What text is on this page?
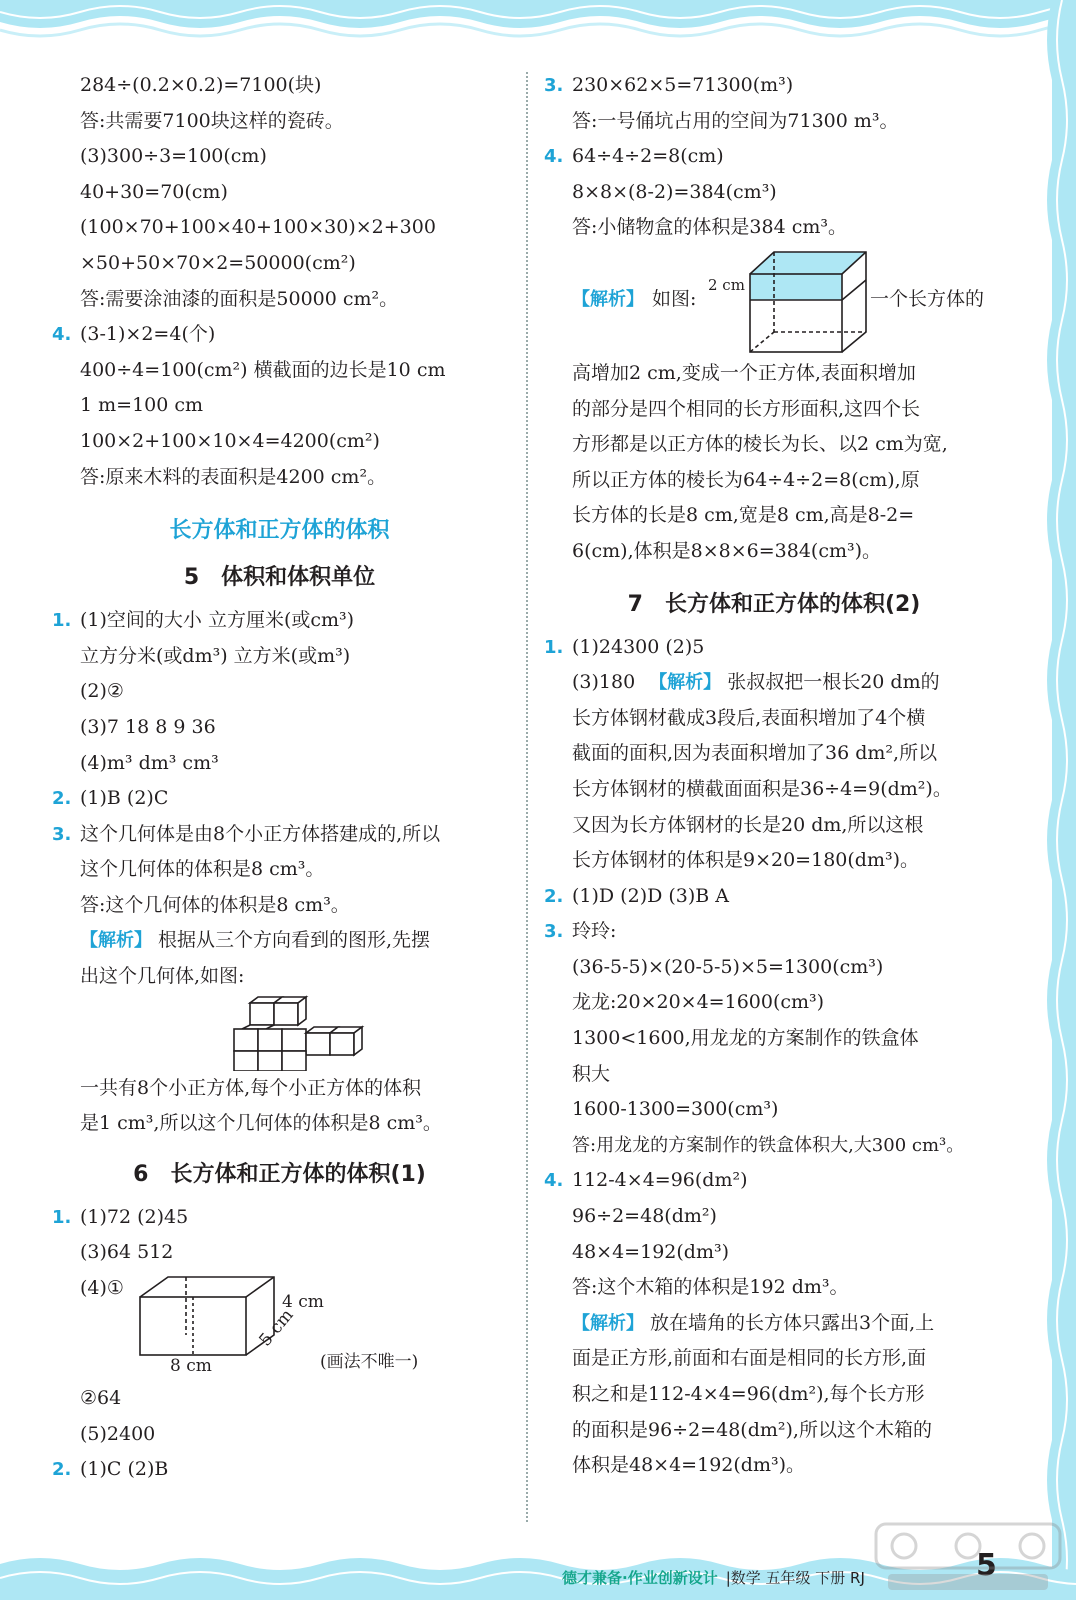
284÷(0.2×0.2)=7100(块)
答:共需要7100块这样的瓷砖。
(3)300÷3=100(cm)
40+30=70(cm)
(100×70+100×40+100×30)×2+300
×50+50×70×2=50000(cm²)
答:需要涂油漆的面积是50000 cm²。
4. (3-1)×2=4(个)
400÷4=100(cm²) 横截面的边长是10 cm
1 m=100 cm
100×2+100×10×4=4200(cm²)
答:原来木料的表面积是4200 cm²。
长方体和正方体的体积
5 体积和体积单位
1. (1)空间的大小 立方厘米(或cm³)
立方分米(或dm³) 立方米(或m³)
(2)②
(3)7 18 8 9 36
(4)m³ dm³ cm³
2. (1)B (2)C
3. 这个几何体是由8个小正方体搭建成的,所以
这个几何体的体积是8 cm³。
答:这个几何体的体积是8 cm³。
【解析】 根据从三个方向看到的图形,先摆
出这个几何体,如图:
一共有8个小正方体,每个小正方体的体积
是1 cm³,所以这个几何体的体积是8 cm³。
6 长方体和正方体的体积(1)
1. (1)72 (2)45
(3)64 512
(4)①
4 cm
8 cm
5 cm
(画法不唯一)
②64
(5)2400
2. (1)C (2)B
3. 230×62×5=71300(m³)
答:一号俑坑占用的空间为71300 m³。
4. 64÷4÷2=8(cm)
8×8×(8-2)=384(cm³)
答:小储物盒的体积是384 cm³。
【解析】 如图:
2 cm
一个长方体的
高增加2 cm,变成一个正方体,表面积增加
的部分是四个相同的长方形面积,这四个长
方形都是以正方体的棱长为长、以2 cm为宽,
所以正方体的棱长为64÷4÷2=8(cm),原
长方体的长是8 cm,宽是8 cm,高是8-2=
6(cm),体积是8×8×6=384(cm³)。
7 长方体和正方体的体积(2)
1. (1)24300 (2)5
(3)180 【解析】 张叔叔把一根长20 dm的
长方体钢材截成3段后,表面积增加了4个横
截面的面积,因为表面积增加了36 dm²,所以
长方体钢材的横截面面积是36÷4=9(dm²)。
又因为长方体钢材的长是20 dm,所以这根
长方体钢材的体积是9×20=180(dm³)。
2. (1)D (2)D (3)B A
3. 玲玲:
(36-5-5)×(20-5-5)×5=1300(cm³)
龙龙:20×20×4=1600(cm³)
1300<1600,用龙龙的方案制作的铁盒体
积大
1600-1300=300(cm³)
答:用龙龙的方案制作的铁盒体积大,大300 cm³。
4. 112-4×4=96(dm²)
96÷2=48(dm²)
48×4=192(dm³)
答:这个木箱的体积是192 dm³。
【解析】 放在墙角的长方体只露出3个面,上
面是正方形,前面和右面是相同的长方形,面
积之和是112-4×4=96(dm²),每个长方形
的面积是96÷2=48(dm²),所以这个木箱的
体积是48×4=192(dm³)。
德才兼备·作业创新设计 |数学 五年级 下册 RJ	5
